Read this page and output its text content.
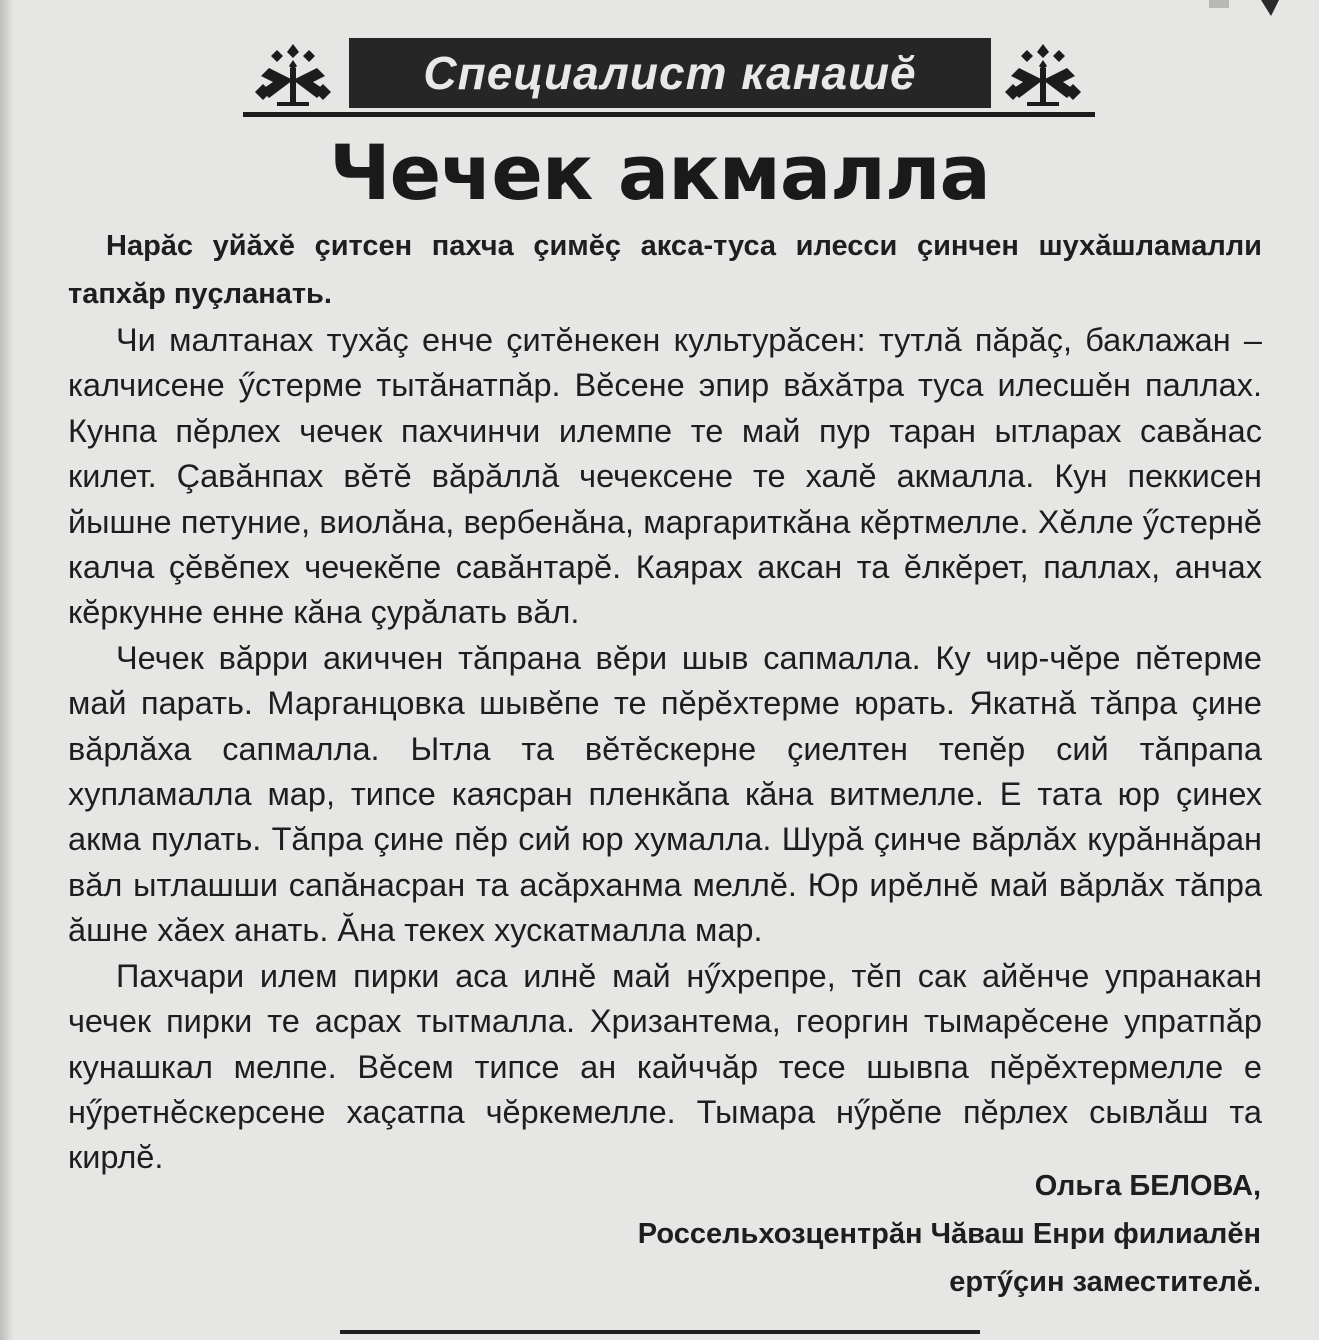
Специалист канашĕ
Чечек акмалла

Нарăс уйăхĕ çитсен пахча çимĕç акса-туса илесси çинчен шухăшламалли тапхăр пуçланать.

Чи малтанах тухăç енче çитĕнекен культурăсен: тутлă пăрăç, баклажан – калчисене ӳстерме тытăнатпăр. Вĕсене эпир вăхăтра туса илесшĕн паллах. Кунпа пĕрлех чечек пахчинчи илемпе те май пур таран ытларах савăнас килет. Çавăнпах вĕтĕ вăрăллă чечексене те халĕ акмалла. Кун пеккисен йышне петуние, виолăна, вербенăна, маргариткăна кĕртмелле. Хĕлле ӳстернĕ калча çĕвĕпех чечекĕпе савăнтарĕ. Каярах аксан та ĕлкĕрет, паллах, анчах кĕркунне енне кăна çурăлать вăл.

Чечек вăрри акиччен тăпрана вĕри шыв сапмалла. Ку чир-чĕре пĕтерме май парать. Марганцовка шывĕпе те пĕрĕхтерме юрать. Якатнă тăпра çине вăрлăха сапмалла. Ытла та вĕтĕскерне çиелтен тепĕр сий тăпрапа хупламалла мар, типсе каясран пленкăпа кăна витмелле. Е тата юр çинех акма пулать. Тăпра çине пĕр сий юр хумалла. Шурă çинче вăрлăх курăннăран вăл ытлашши сапăнасран та асăрханма меллĕ. Юр ирĕлнĕ май вăрлăх тăпра ăшне хăех анать. Ăна текех хускатмалла мар.

Пахчари илем пирки аса илнĕ май нӳхрепре, тĕп сак айĕнче упранакан чечек пирки те асрах тытмалла. Хризантема, георгин тымарĕсене упратпăр кунашкал мелпе. Вĕсем типсе ан кайччăр тесе шывпа пĕрĕхтермелле е нӳретнĕскерсене хаçатпа чĕркемелле. Тымара нӳрĕпе пĕрлех сывлăш та кирлĕ.

Ольга БЕЛОВА,
Россельхозцентрăн Чăваш Енри филиалĕн
ертӳçин заместителĕ.
